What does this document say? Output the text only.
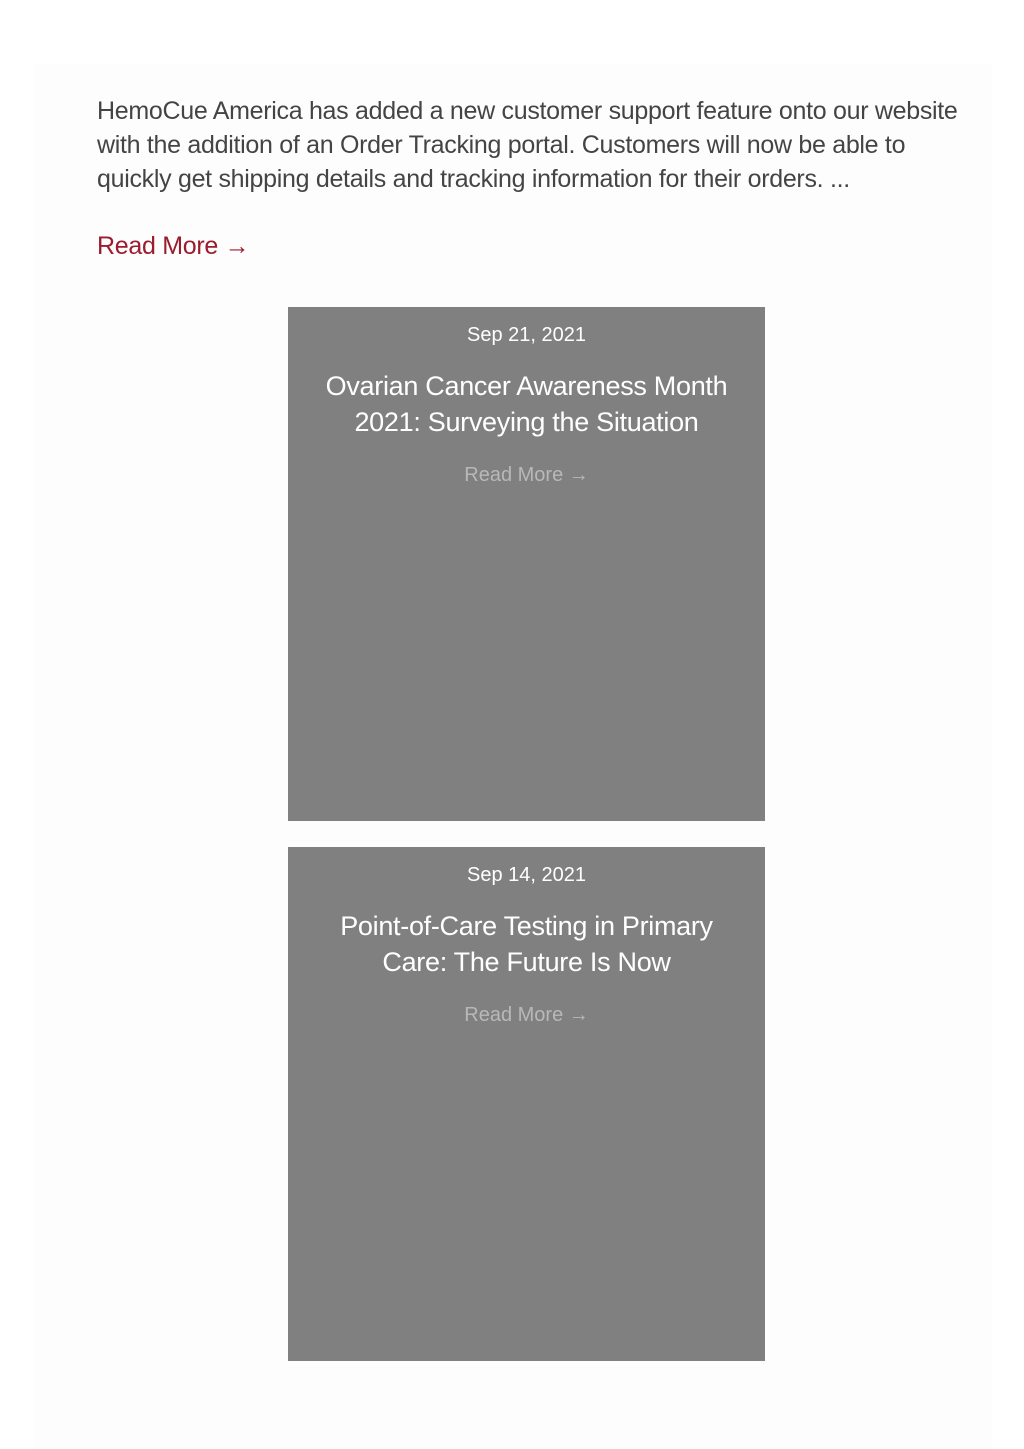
HemoCue America has added a new customer support feature onto our website with the addition of an Order Tracking portal. Customers will now be able to quickly get shipping details and tracking information for their orders. ...

Read More →
Sep 21, 2021
Ovarian Cancer Awareness Month 2021: Surveying the Situation
Read More →
Sep 14, 2021
Point-of-Care Testing in Primary Care: The Future Is Now
Read More →
